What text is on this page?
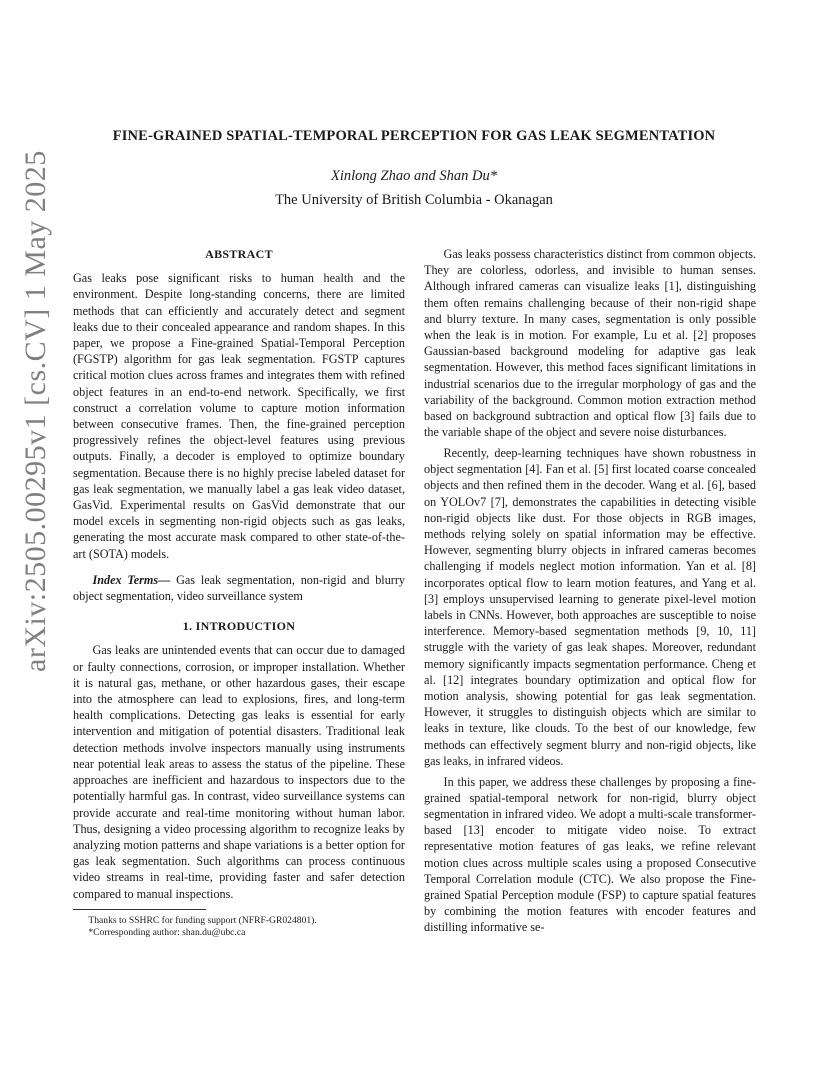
arXiv:2505.00295v1 [cs.CV] 1 May 2025
FINE-GRAINED SPATIAL-TEMPORAL PERCEPTION FOR GAS LEAK SEGMENTATION
Xinlong Zhao and Shan Du*
The University of British Columbia - Okanagan
ABSTRACT

Gas leaks pose significant risks to human health and the environment. Despite long-standing concerns, there are limited methods that can efficiently and accurately detect and segment leaks due to their concealed appearance and random shapes. In this paper, we propose a Fine-grained Spatial-Temporal Perception (FGSTP) algorithm for gas leak segmentation. FGSTP captures critical motion clues across frames and integrates them with refined object features in an end-to-end network. Specifically, we first construct a correlation volume to capture motion information between consecutive frames. Then, the fine-grained perception progressively refines the object-level features using previous outputs. Finally, a decoder is employed to optimize boundary segmentation. Because there is no highly precise labeled dataset for gas leak segmentation, we manually label a gas leak video dataset, GasVid. Experimental results on GasVid demonstrate that our model excels in segmenting non-rigid objects such as gas leaks, generating the most accurate mask compared to other state-of-the-art (SOTA) models.

Index Terms— Gas leak segmentation, non-rigid and blurry object segmentation, video surveillance system

1. INTRODUCTION

Gas leaks are unintended events that can occur due to damaged or faulty connections, corrosion, or improper installation. Whether it is natural gas, methane, or other hazardous gases, their escape into the atmosphere can lead to explosions, fires, and long-term health complications. Detecting gas leaks is essential for early intervention and mitigation of potential disasters. Traditional leak detection methods involve inspectors manually using instruments near potential leak areas to assess the status of the pipeline. These approaches are inefficient and hazardous to inspectors due to the potentially harmful gas. In contrast, video surveillance systems can provide accurate and real-time monitoring without human labor. Thus, designing a video processing algorithm to recognize leaks by analyzing motion patterns and shape variations is a better option for gas leak segmentation. Such algorithms can process continuous video streams in real-time, providing faster and safer detection compared to manual inspections.

Thanks to SSHRC for funding support (NFRF-GR024801).

*Corresponding author: shan.du@ubc.ca

Gas leaks possess characteristics distinct from common objects. They are colorless, odorless, and invisible to human senses. Although infrared cameras can visualize leaks [1], distinguishing them often remains challenging because of their non-rigid shape and blurry texture. In many cases, segmentation is only possible when the leak is in motion. For example, Lu et al. [2] proposes Gaussian-based background modeling for adaptive gas leak segmentation. However, this method faces significant limitations in industrial scenarios due to the irregular morphology of gas and the variability of the background. Common motion extraction method based on background subtraction and optical flow [3] fails due to the variable shape of the object and severe noise disturbances.

Recently, deep-learning techniques have shown robustness in object segmentation [4]. Fan et al. [5] first located coarse concealed objects and then refined them in the decoder. Wang et al. [6], based on YOLOv7 [7], demonstrates the capabilities in detecting visible non-rigid objects like dust. For those objects in RGB images, methods relying solely on spatial information may be effective. However, segmenting blurry objects in infrared cameras becomes challenging if models neglect motion information. Yan et al. [8] incorporates optical flow to learn motion features, and Yang et al. [3] employs unsupervised learning to generate pixel-level motion labels in CNNs. However, both approaches are susceptible to noise interference. Memory-based segmentation methods [9, 10, 11] struggle with the variety of gas leak shapes. Moreover, redundant memory significantly impacts segmentation performance. Cheng et al. [12] integrates boundary optimization and optical flow for motion analysis, showing potential for gas leak segmentation. However, it struggles to distinguish objects which are similar to leaks in texture, like clouds. To the best of our knowledge, few methods can effectively segment blurry and non-rigid objects, like gas leaks, in infrared videos.

In this paper, we address these challenges by proposing a fine-grained spatial-temporal network for non-rigid, blurry object segmentation in infrared video. We adopt a multi-scale transformer-based [13] encoder to mitigate video noise. To extract representative motion features of gas leaks, we refine relevant motion clues across multiple scales using a proposed Consecutive Temporal Correlation module (CTC). We also propose the Fine-grained Spatial Perception module (FSP) to capture spatial features by combining the motion features with encoder features and distilling informative se-
